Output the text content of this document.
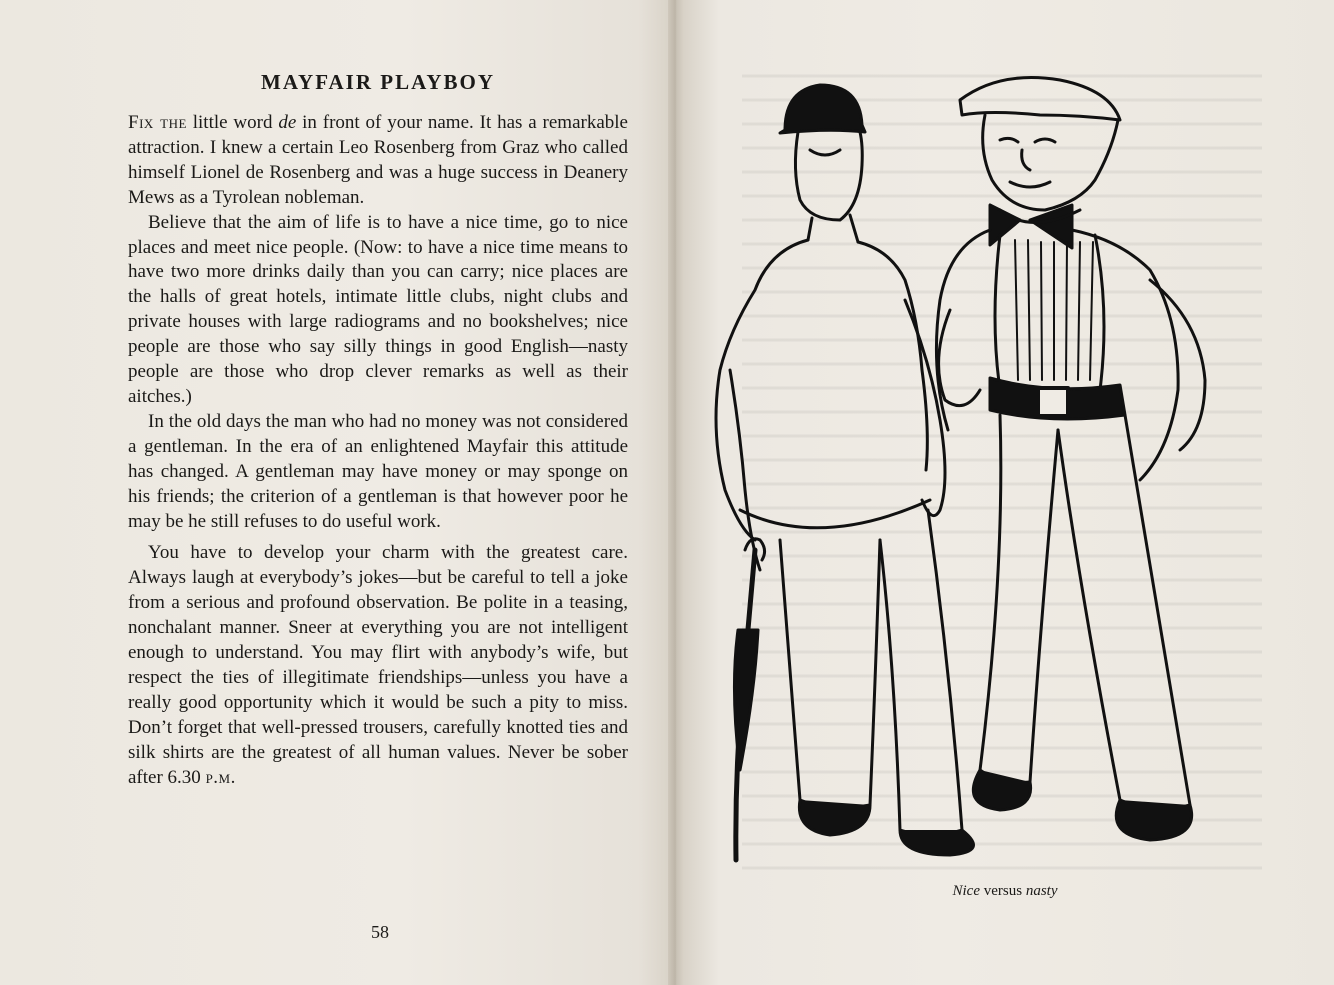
MAYFAIR PLAYBOY

Fix the little word de in front of your name. It has a remarkable attraction. I knew a certain Leo Rosenberg from Graz who called himself Lionel de Rosenberg and was a huge success in Deanery Mews as a Tyrolean nobleman.

Believe that the aim of life is to have a nice time, go to nice places and meet nice people. (Now: to have a nice time means to have two more drinks daily than you can carry; nice places are the halls of great hotels, intimate little clubs, night clubs and private houses with large radiograms and no bookshelves; nice people are those who say silly things in good English—nasty people are those who drop clever remarks as well as their aitches.)

In the old days the man who had no money was not considered a gentleman. In the era of an enlightened Mayfair this attitude has changed. A gentleman may have money or may sponge on his friends; the criterion of a gentleman is that however poor he may be he still refuses to do useful work.

You have to develop your charm with the greatest care. Always laugh at everybody’s jokes—but be careful to tell a joke from a serious and profound observation. Be polite in a teasing, nonchalant manner. Sneer at everything you are not intelligent enough to understand. You may flirt with anybody’s wife, but respect the ties of illegitimate friendships—unless you have a really good opportunity which it would be such a pity to miss. Don’t forget that well-pressed trousers, carefully knotted ties and silk shirts are the greatest of all human values. Never be sober after 6.30 p.m.

58

Nice versus nasty
